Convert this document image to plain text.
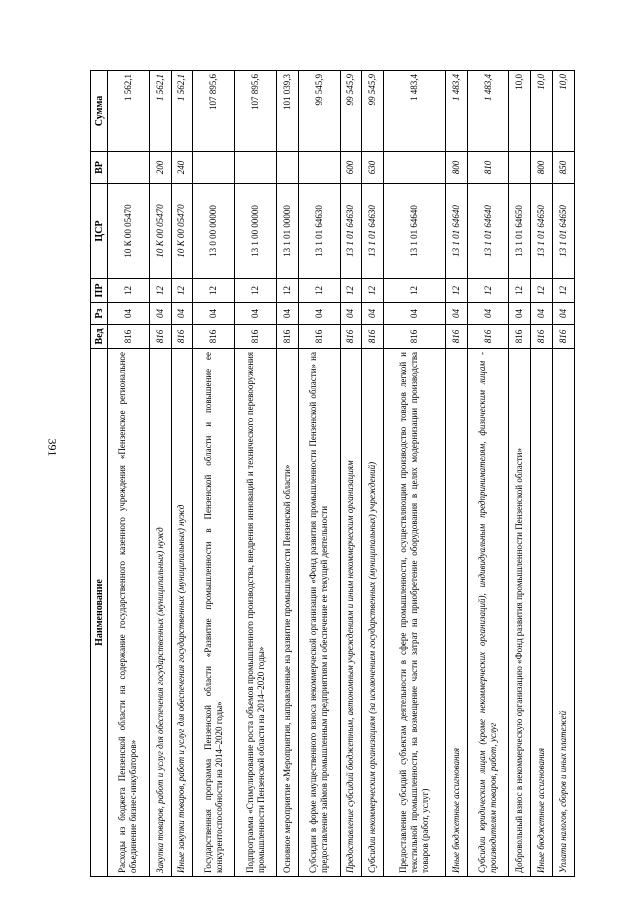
391
Наименование	Вед	Рз	ПР	ЦСР	ВР	Сумма
Расходы из бюджета Пензенской области на содержание государственного казенного учреждения «Пензенское региональное объединение бизнес-инкубаторов»	816	04	12	10 К 00 05470		1 562,1
Закупка товаров, работ и услуг для обеспечения государственных (муниципальных) нужд	816	04	12	10 К 00 05470	200	1 562,1
Иные закупки товаров, работ и услуг для обеспечения государственных (муниципальных) нужд	816	04	12	10 К 00 05470	240	1 562,1
Государственная программа Пензенской области «Развитие промышленности в Пензенской области и повышение ее конкурентоспособности на 2014–2020 годы»	816	04	12	13 0 00 00000		107 895,6
Подпрограмма «Стимулирование роста объемов промышленного производства, внедрения инноваций и технического перевооружения промышленности Пензенской области на 2014–2020 годы»	816	04	12	13 1 00 00000		107 895,6
Основное мероприятие «Мероприятия, направленные на развитие промышленности Пензенской области»	816	04	12	13 1 01 00000		101 039,3
Субсидии в форме имущественного взноса некоммерческой организации «Фонд развития промышленности Пензенской области» на предоставление займов промышленным предприятиям и обеспечение ее текущей деятельности	816	04	12	13 1 01 64630		99 545,9
Предоставление субсидий бюджетным, автономным учреждениям и иным некоммерческим организациям	816	04	12	13 1 01 64630	600	99 545,9
Субсидии некоммерческим организациям (за исключением государственных (муниципальных) учреждений)	816	04	12	13 1 01 64630	630	99 545,9
Предоставление субсидий субъектам деятельности в сфере промышленности, осуществляющим производство товаров легкой и текстильной промышленности, на возмещение части затрат на приобретение оборудования в целях модернизации производства товаров (работ, услуг)	816	04	12	13 1 01 64640		1 483,4
Иные бюджетные ассигнования	816	04	12	13 1 01 64640	800	1 483,4
Субсидии юридическим лицам (кроме некоммерческих организаций), индивидуальным предпринимателям, физическим лицам - производителям товаров, работ, услуг	816	04	12	13 1 01 64640	810	1 483,4
Добровольный взнос в некоммерческую организацию «Фонд развития промышленности Пензенской области»	816	04	12	13 1 01 64650		10,0
Иные бюджетные ассигнования	816	04	12	13 1 01 64650	800	10,0
Уплата налогов, сборов и иных платежей	816	04	12	13 1 01 64650	850	10,0
